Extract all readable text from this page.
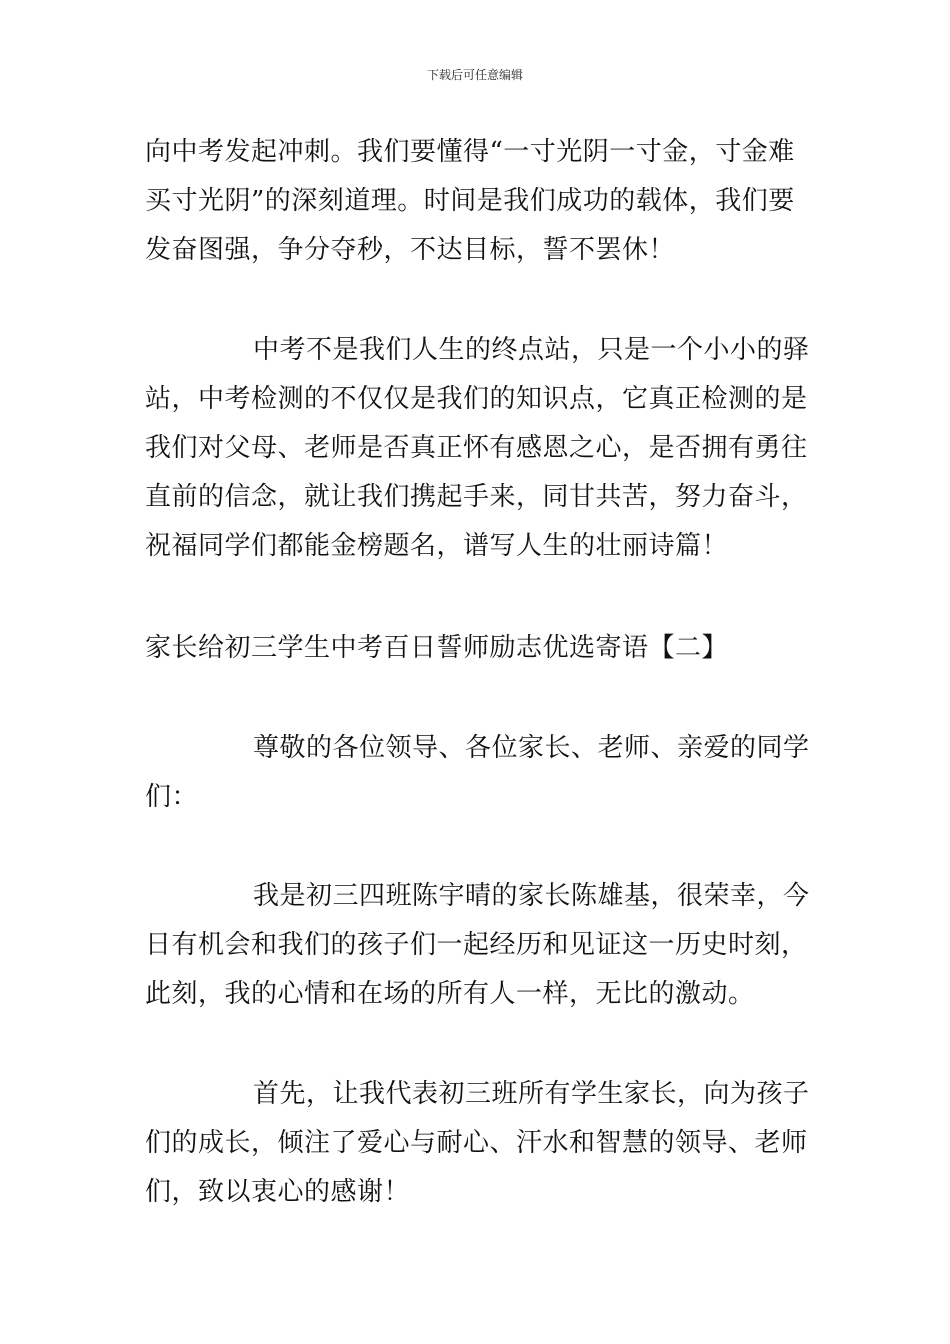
下载后可任意编辑

向中考发起冲刺。我们要懂得“一寸光阴一寸金，寸金难买寸光阴”的深刻道理。时间是我们成功的载体，我们要发奋图强，争分夺秒，不达目标，誓不罢休！

中考不是我们人生的终点站，只是一个小小的驿站，中考检测的不仅仅是我们的知识点，它真正检测的是我们对父母、老师是否真正怀有感恩之心，是否拥有勇往直前的信念，就让我们携起手来，同甘共苦，努力奋斗，祝福同学们都能金榜题名，谱写人生的壮丽诗篇！

家长给初三学生中考百日誓师励志优选寄语【二】

尊敬的各位领导、各位家长、老师、亲爱的同学们：

我是初三四班陈宇晴的家长陈雄基，很荣幸，今日有机会和我们的孩子们一起经历和见证这一历史时刻，此刻，我的心情和在场的所有人一样，无比的激动。

首先，让我代表初三班所有学生家长，向为孩子们的成长，倾注了爱心与耐心、汗水和智慧的领导、老师们，致以衷心的感谢！
